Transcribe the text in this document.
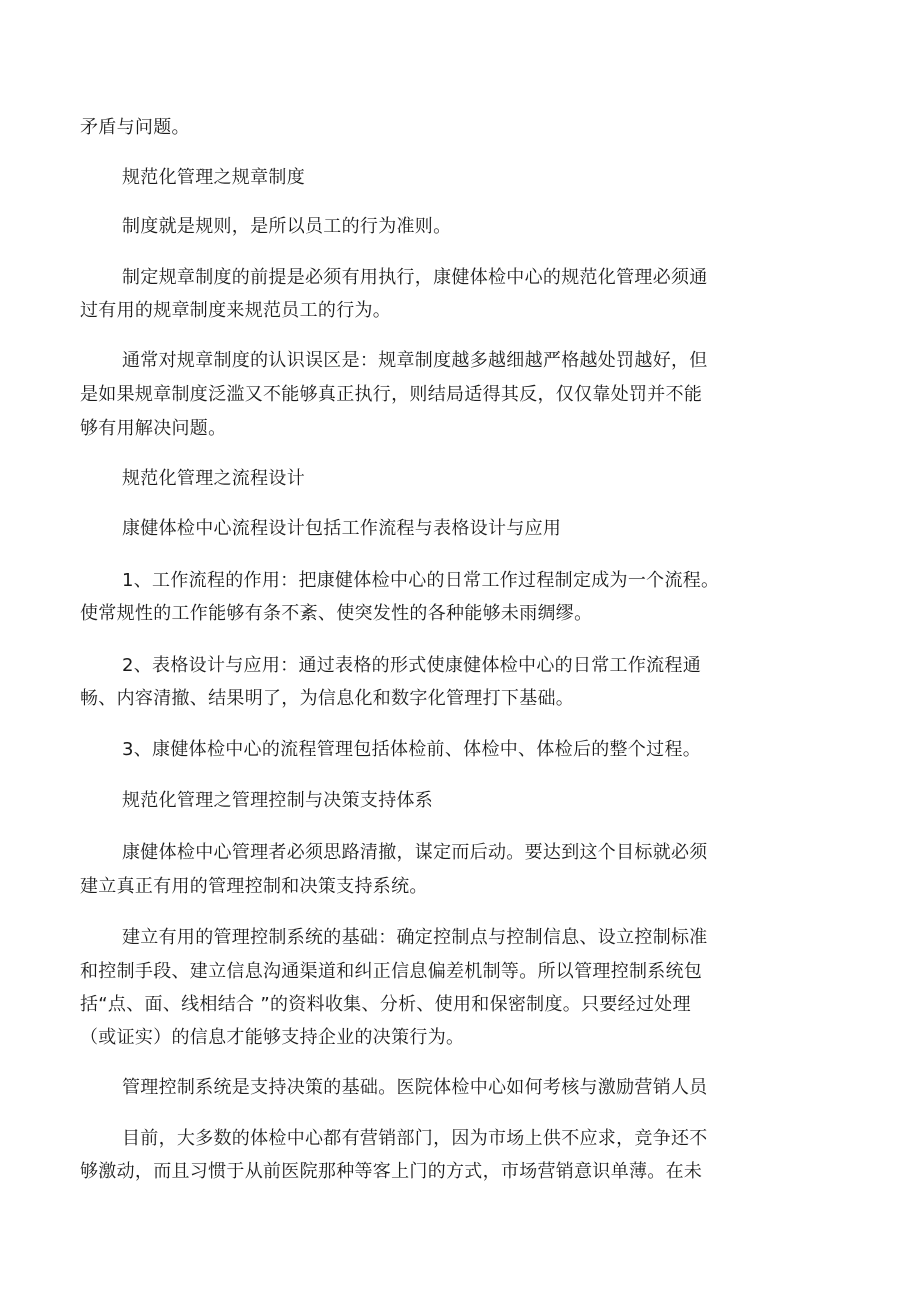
矛盾与问题。
规范化管理之规章制度
制度就是规则，是所以员工的行为准则。
制定规章制度的前提是必须有用执行，康健体检中心的规范化管理必须通
过有用的规章制度来规范员工的行为。
通常对规章制度的认识误区是：规章制度越多越细越严格越处罚越好，但
是如果规章制度泛滥又不能够真正执行，则结局适得其反，仅仅靠处罚并不能
够有用解决问题。
规范化管理之流程设计
康健体检中心流程设计包括工作流程与表格设计与应用
1、工作流程的作用：把康健体检中心的日常工作过程制定成为一个流程。
使常规性的工作能够有条不紊、使突发性的各种能够未雨绸缪。
2、表格设计与应用：通过表格的形式使康健体检中心的日常工作流程通
畅、内容清撤、结果明了，为信息化和数字化管理打下基础。
3、康健体检中心的流程管理包括体检前、体检中、体检后的整个过程。
规范化管理之管理控制与决策支持体系
康健体检中心管理者必须思路清撤，谋定而后动。要达到这个目标就必须
建立真正有用的管理控制和决策支持系统。
建立有用的管理控制系统的基础：确定控制点与控制信息、设立控制标准
和控制手段、建立信息沟通渠道和纠正信息偏差机制等。所以管理控制系统包
括“点、面、线相结合 ”的资料收集、分析、使用和保密制度。只要经过处理
（或证实）的信息才能够支持企业的决策行为。
管理控制系统是支持决策的基础。医院体检中心如何考核与激励营销人员
目前，大多数的体检中心都有营销部门，因为市场上供不应求，竞争还不
够激动，而且习惯于从前医院那种等客上门的方式，市场营销意识单薄。在未
